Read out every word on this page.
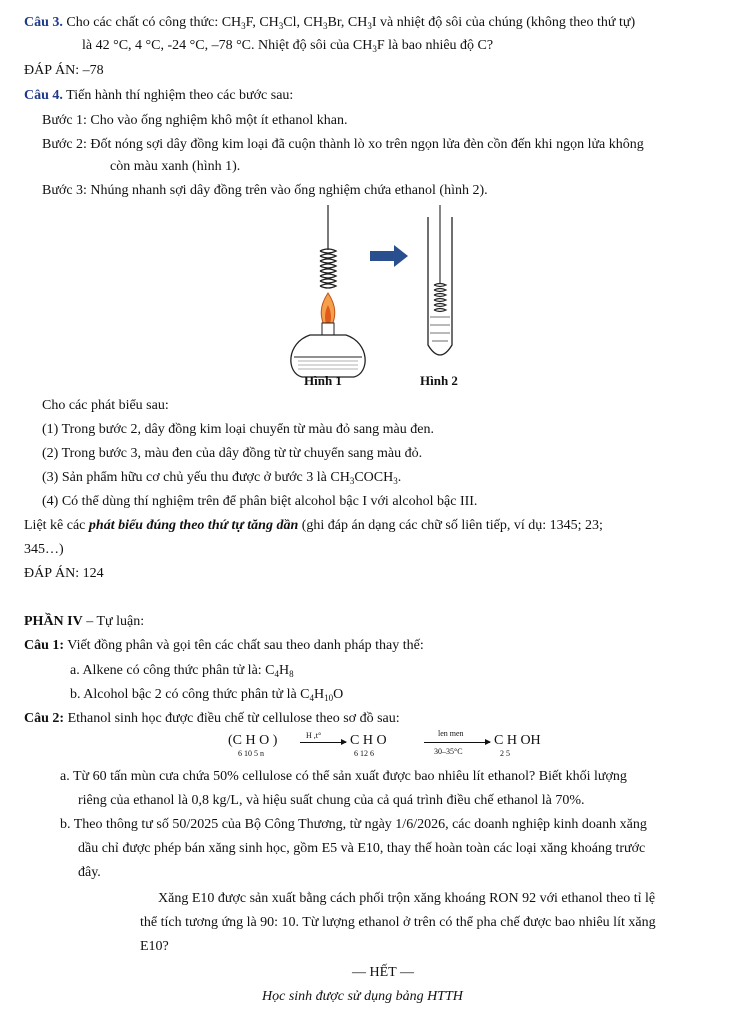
Câu 3. Cho các chất có công thức: $CH_3F$, $CH_3Cl$, $CH_3Br$, $CH_3I$ và nhiệt độ sôi của chúng (không theo thứ tự)
là 42 °C, 4 °C, -24 °C, –78 °C. Nhiệt độ sôi của $CH_3F$ là bao nhiêu độ C?
ĐÁP ÁN: –78
Câu 4. Tiến hành thí nghiệm theo các bước sau:
Bước 1: Cho vào ống nghiệm khô một ít ethanol khan.
Bước 2: Đốt nóng sợi dây đồng kim loại đã cuộn thành lò xo trên ngọn lửa đèn cồn đến khi ngọn lửa không
còn màu xanh (hình 1).
Bước 3: Nhúng nhanh sợi dây đồng trên vào ống nghiệm chứa ethanol (hình 2).
Hình 1	Hình 2
Cho các phát biểu sau:
(1) Trong bước 2, dây đồng kim loại chuyển từ màu đỏ sang màu đen.
(2) Trong bước 3, màu đen của dây đồng từ từ chuyển sang màu đỏ.
(3) Sản phẩm hữu cơ chủ yếu thu được ở bước 3 là $CH_3COCH_3$.
(4) Có thể dùng thí nghiệm trên để phân biệt alcohol bậc I với alcohol bậc III.
Liệt kê các phát biểu đúng theo thứ tự tăng dần (ghi đáp án dạng các chữ số liên tiếp, ví dụ: 1345; 23;
345…)
ĐÁP ÁN: 124
PHẦN IV – Tự luận:
Câu 1: Viết đồng phân và gọi tên các chất sau theo danh pháp thay thế:
a. Alkene có công thức phân tử là: $C_4H_8$
b. Alcohol bậc 2 có công thức phân tử là $C_4H_{10}O$
Câu 2: Ethanol sinh học được điều chế từ cellulose theo sơ đồ sau:
(C H O )
6 10 5 n
H ,t° C H O
6 12 6
len men
30–35°C
C H OH
2 5
a. Từ 60 tấn mùn cưa chứa 50% cellulose có thể sản xuất được bao nhiêu lít ethanol? Biết khối lượng
riêng của ethanol là 0,8 kg/L, và hiệu suất chung của cả quá trình điều chế ethanol là 70%.
b. Theo thông tư số 50/2025 của Bộ Công Thương, từ ngày 1/6/2026, các doanh nghiệp kinh doanh xăng
dầu chỉ được phép bán xăng sinh học, gồm E5 và E10, thay thế hoàn toàn các loại xăng khoáng trước
đây.
Xăng E10 được sản xuất bằng cách phối trộn xăng khoáng RON 92 với ethanol theo tỉ lệ
thể tích tương ứng là 90: 10. Từ lượng ethanol ở trên có thể pha chế được bao nhiêu lít xăng
E10?
— HẾT —
Học sinh được sử dụng bảng HTTH
